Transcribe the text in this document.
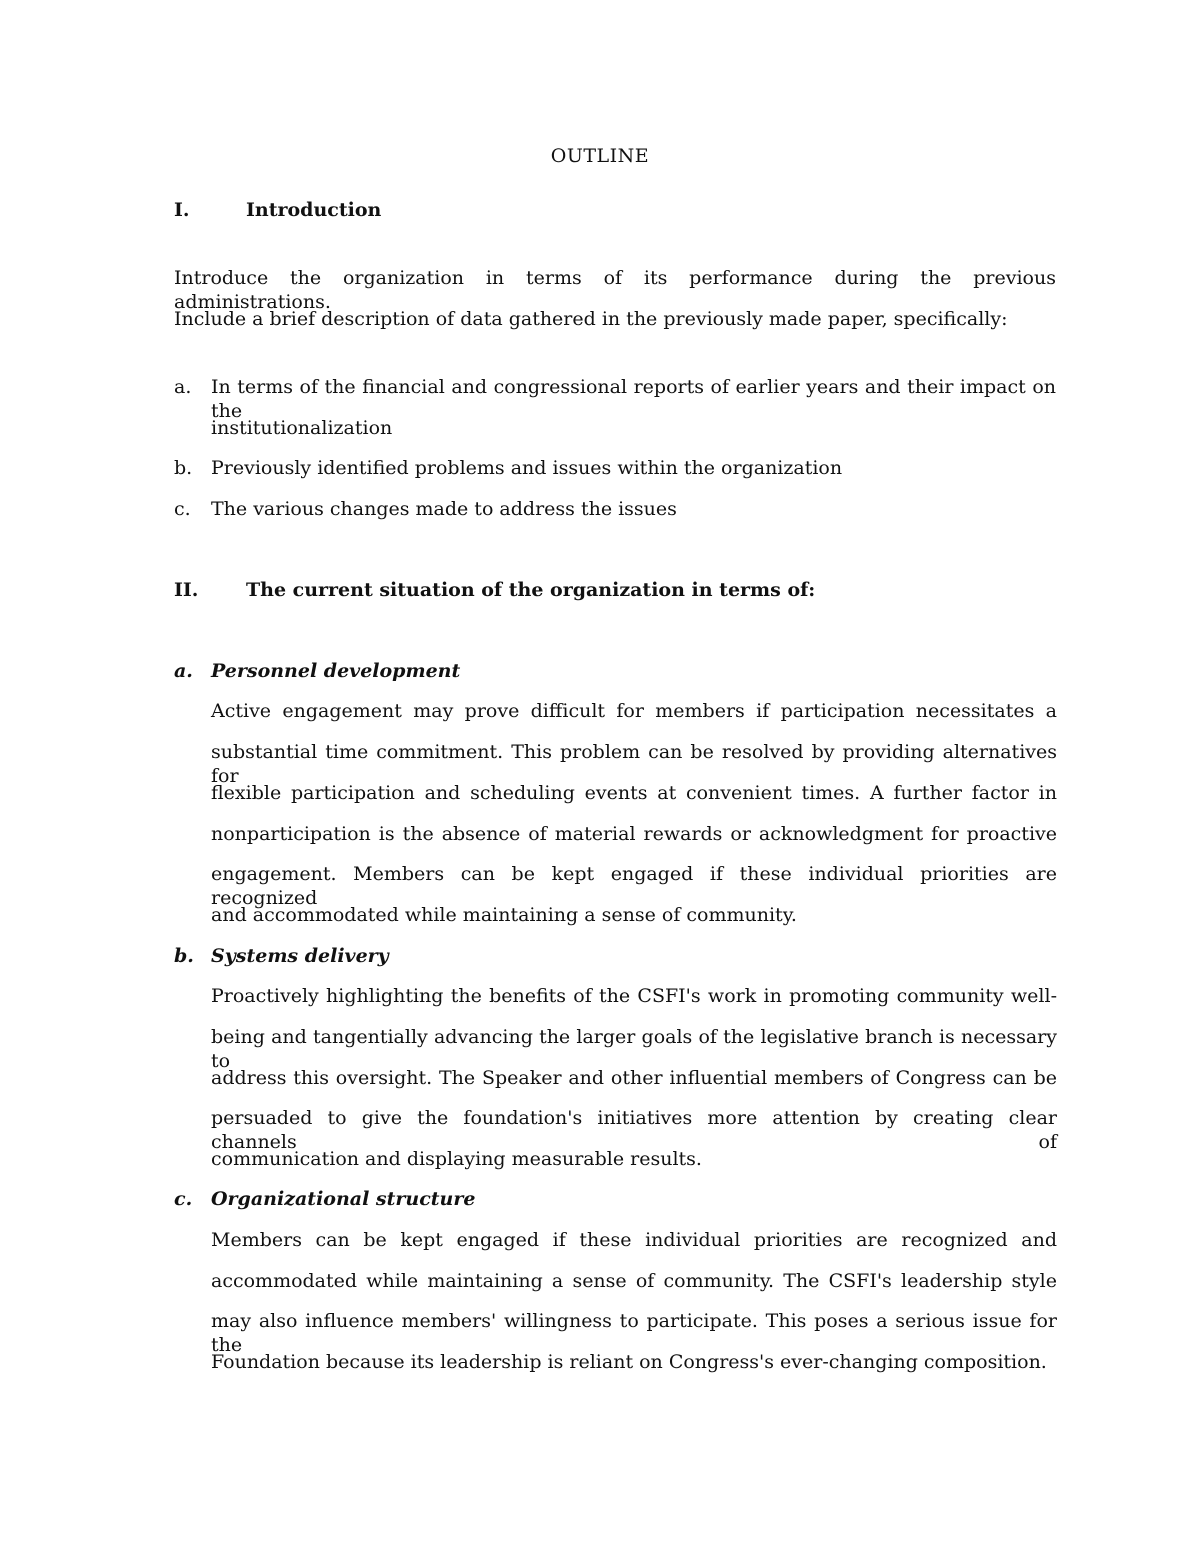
OUTLINE
I.	Introduction
Introduce the organization in terms of its performance during the previous administrations.
Include a brief description of data gathered in the previously made paper, specifically:
a. In terms of the financial and congressional reports of earlier years and their impact on the
institutionalization
b. Previously identified problems and issues within the organization
c. The various changes made to address the issues
II.	The current situation of the organization in terms of:
a. Personnel development
Active engagement may prove difficult for members if participation necessitates a
substantial time commitment. This problem can be resolved by providing alternatives for
flexible participation and scheduling events at convenient times. A further factor in
nonparticipation is the absence of material rewards or acknowledgment for proactive
engagement. Members can be kept engaged if these individual priorities are recognized
and accommodated while maintaining a sense of community.
b. Systems delivery
Proactively highlighting the benefits of the CSFI's work in promoting community well-
being and tangentially advancing the larger goals of the legislative branch is necessary to
address this oversight. The Speaker and other influential members of Congress can be
persuaded to give the foundation's initiatives more attention by creating clear channels of
communication and displaying measurable results.
c. Organizational structure
Members can be kept engaged if these individual priorities are recognized and
accommodated while maintaining a sense of community. The CSFI's leadership style
may also influence members' willingness to participate. This poses a serious issue for the
Foundation because its leadership is reliant on Congress's ever-changing composition.
